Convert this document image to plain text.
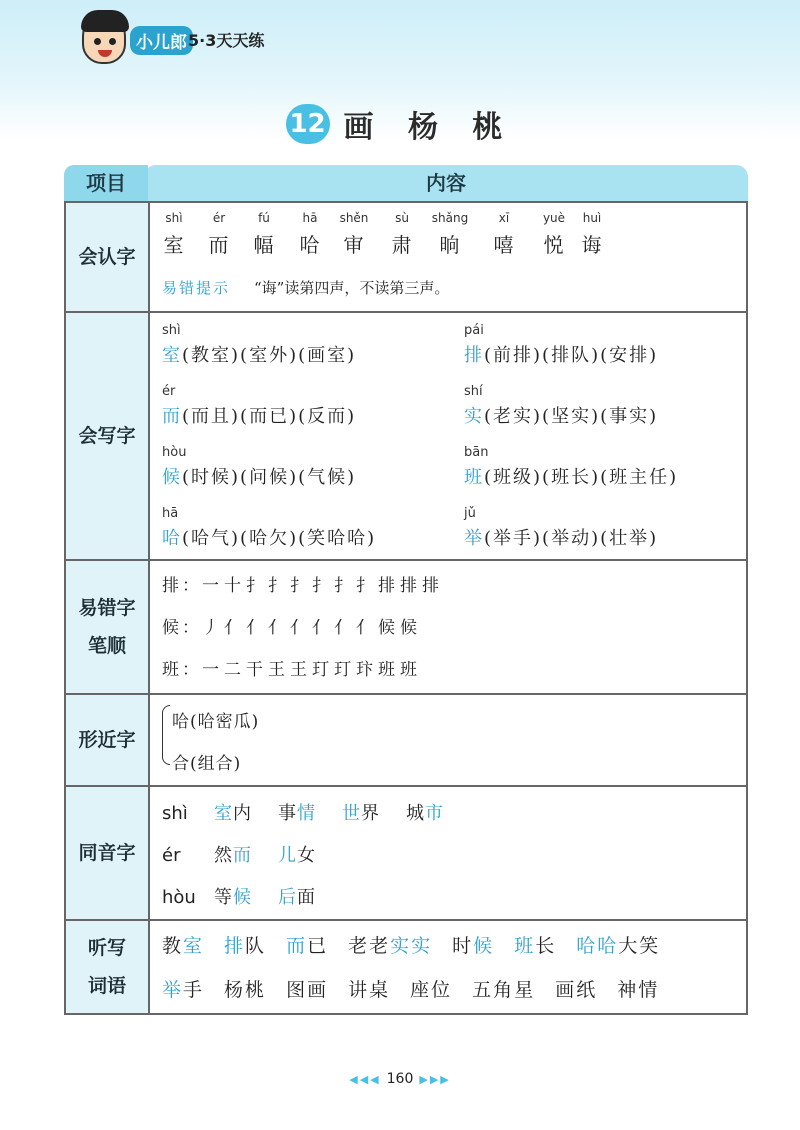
小儿郎 5·3天天练
12 画 杨 桃
内容
项目
会认字
shì
室
ér
而
fú
幅
hā
哈
shěn
审
sù
肃
shǎng
晌
xī
嘻
yuè
悦
huì
诲
易错提示 “诲”读第四声，不读第三声。
会写字
shì
室(教室)(室外)(画室)
pái
排(前排)(排队)(安排)
ér
而(而且)(而已)(反而)
shí
实(老实)(坚实)(事实)
hòu
候(时候)(问候)(气候)
bān
班(班级)(班长)(班主任)
hā
哈(哈气)(哈欠)(笑哈哈)
jǔ
举(举手)(举动)(壮举)
易错字
笔顺
排：一 十 扌 扌 扌 扌 扌 扌 排 排 排
候：丿 亻 亻 亻 亻 亻 亻 亻 候 候
班：一 二 干 王 王 玎 玎 玣 班 班
形近字
哈(哈密瓜)
合(组合)
同音字
shì 室内 事情 世界 城市
ér 然而 儿女
hòu 等候 后面
听写
词语
教室 排队 而已 老老实实 时候 班长 哈哈大笑
举手 杨桃 图画 讲桌 座位 五角星 画纸 神情
◀◀◀ 160 ▶▶▶
